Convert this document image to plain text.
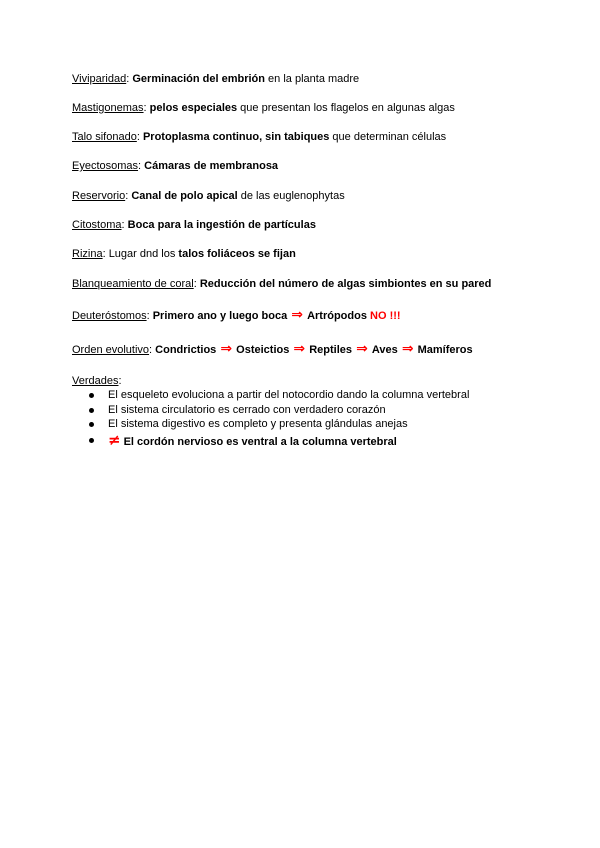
Viviparidad: Germinación del embrión en la planta madre
Mastigonemas: pelos especiales que presentan los flagelos en algunas algas
Talo sifonado: Protoplasma continuo, sin tabiques que determinan células
Eyectosomas: Cámaras de membranosa
Reservorio: Canal de polo apical de las euglenophytas
Citostoma: Boca para la ingestión de partículas
Rizina: Lugar dnd los talos foliáceos se fijan
Blanqueamiento de coral: Reducción del número de algas simbiontes en su pared
Deuteróstomos: Primero ano y luego boca ⇒ Artrópodos NO !!!
Orden evolutivo: Condrictios ⇒ Osteictios ⇒ Reptiles ⇒ Aves ⇒ Mamíferos
Verdades:
El esqueleto evoluciona a partir del notocordio dando la columna vertebral
El sistema circulatorio es cerrado con verdadero corazón
El sistema digestivo es completo y presenta glándulas anejas
≠ El cordón nervioso es ventral a la columna vertebral
